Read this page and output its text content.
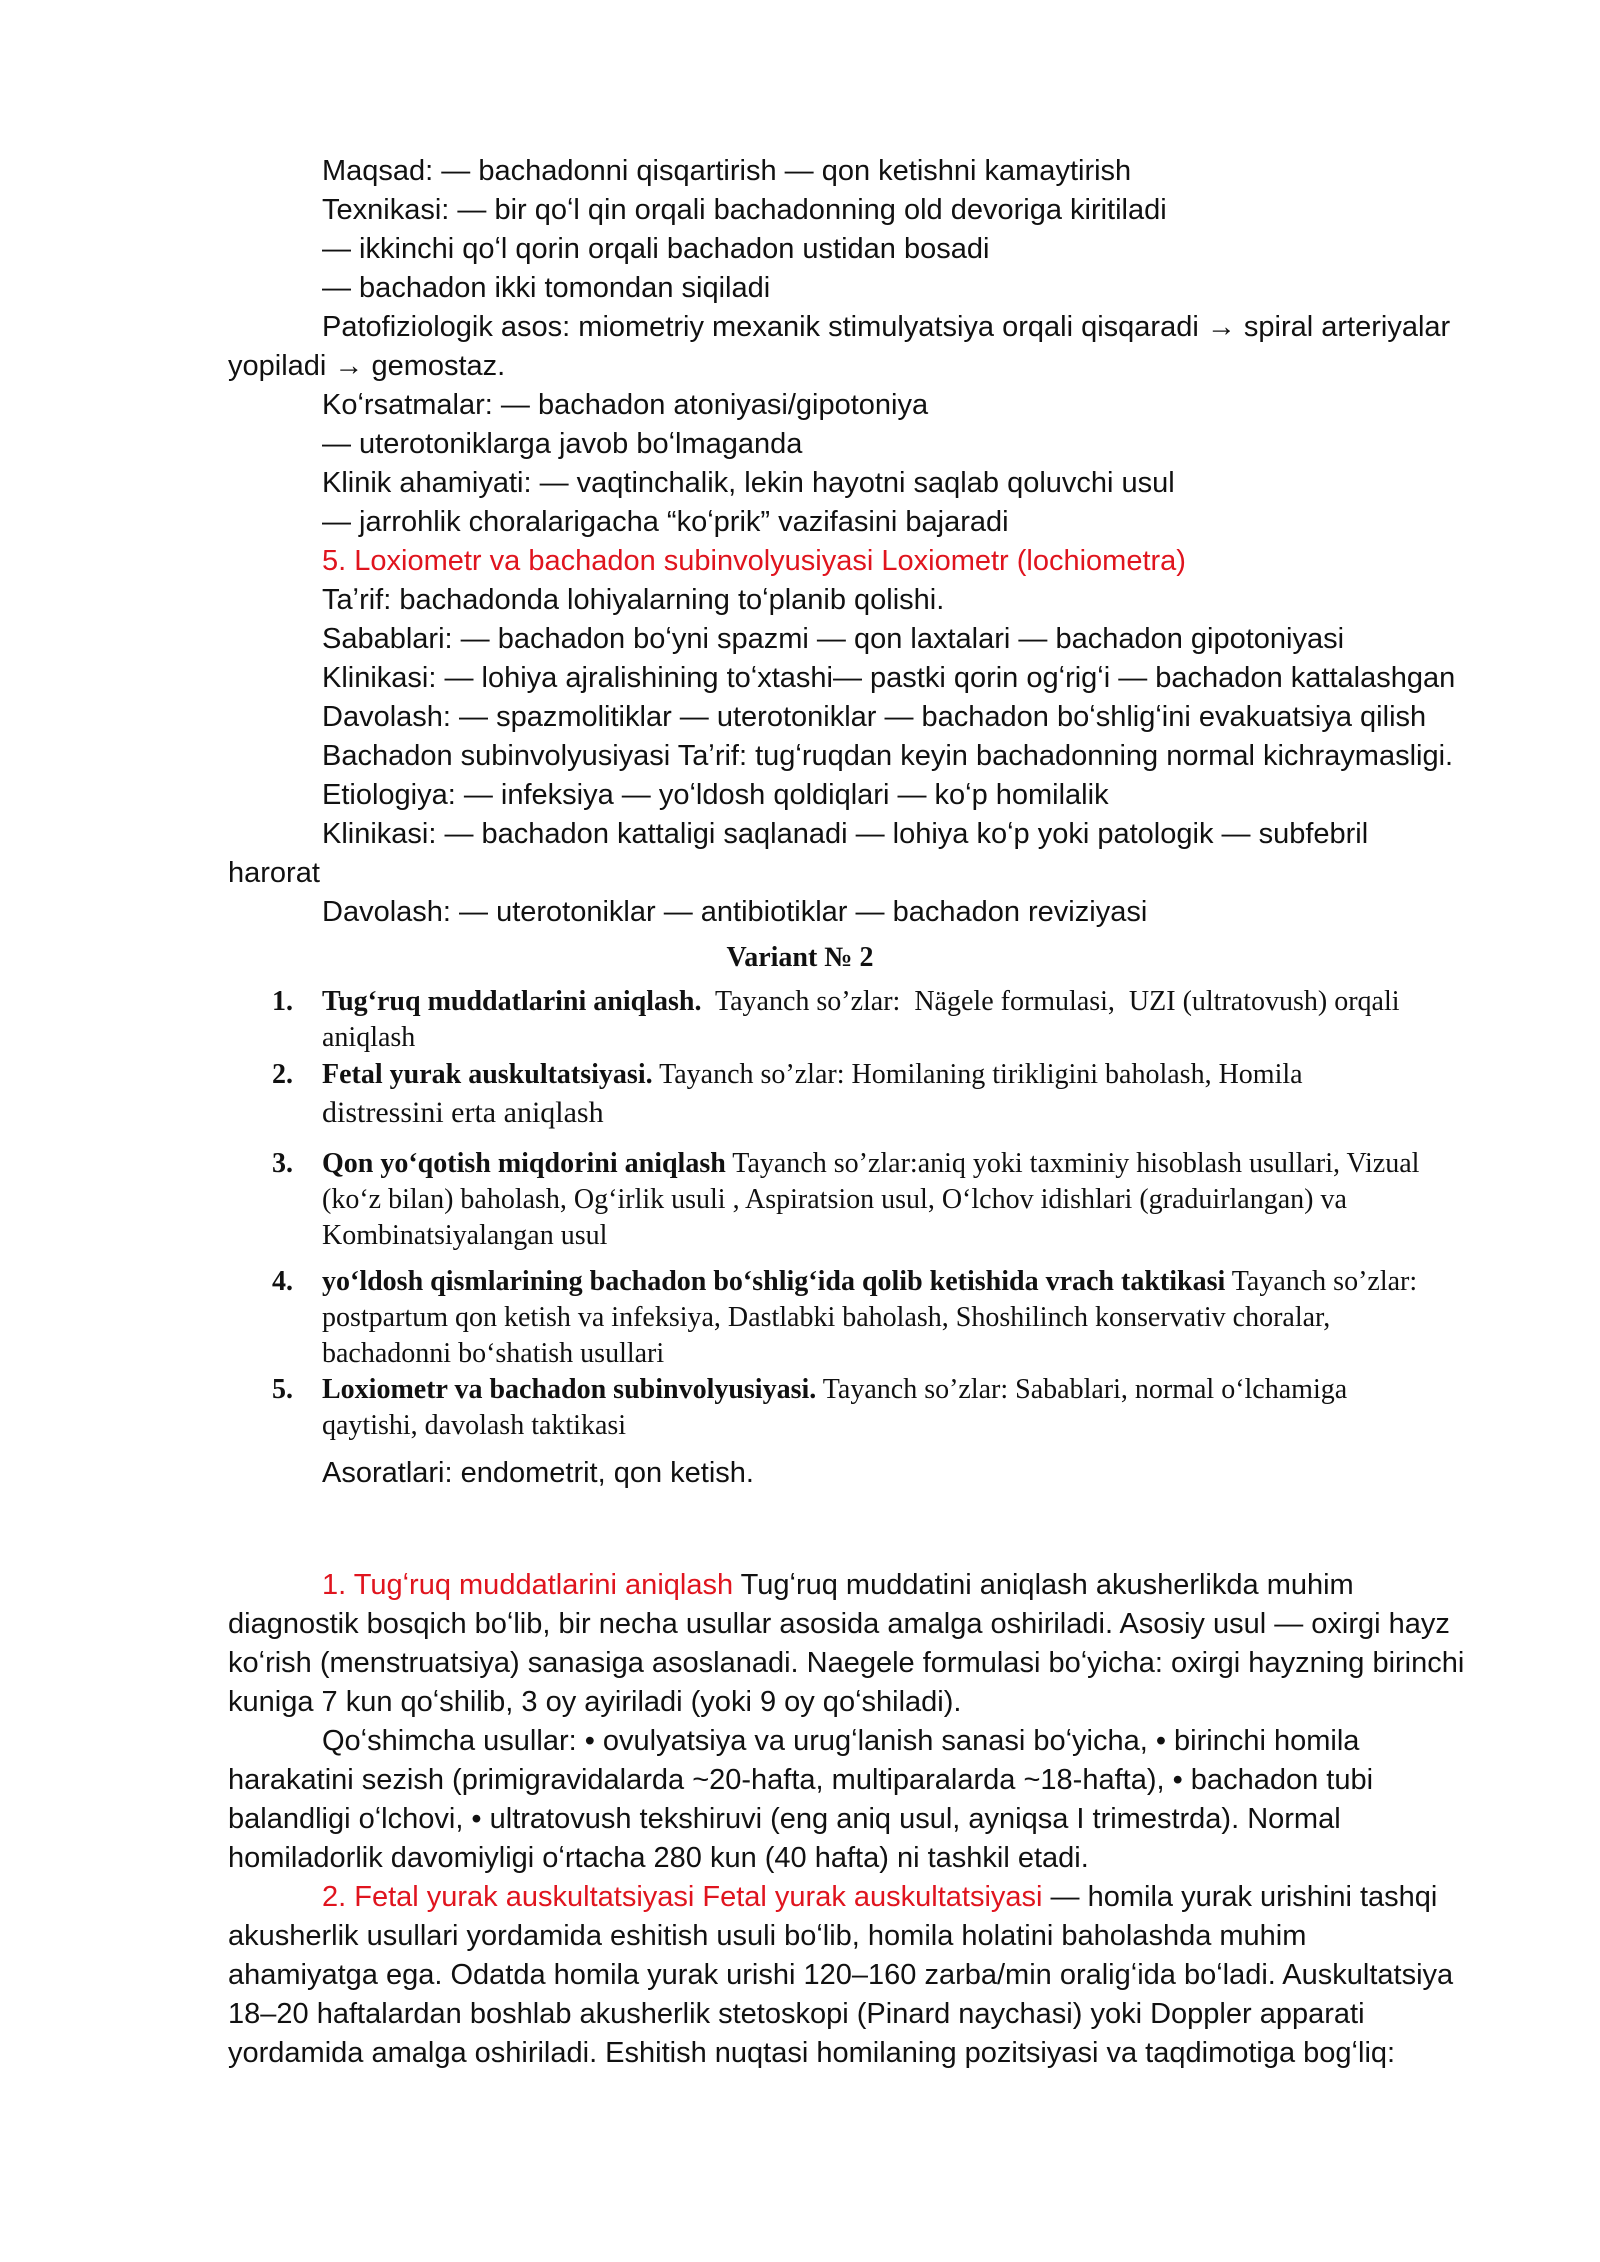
Maqsad: — bachadonni qisqartirish — qon ketishni kamaytirish
Texnikasi: — bir qoʻl qin orqali bachadonning old devoriga kiritiladi
— ikkinchi qoʻl qorin orqali bachadon ustidan bosadi
— bachadon ikki tomondan siqiladi
Patofiziologik asos: miometriy mexanik stimulyatsiya orqali qisqaradi → spiral arteriyalar
yopiladi → gemostaz.
Koʻrsatmalar: — bachadon atoniyasi/gipotoniya
— uterotoniklarga javob boʻlmaganda
Klinik ahamiyati: — vaqtinchalik, lekin hayotni saqlab qoluvchi usul
— jarrohlik choralarigacha “koʻprik” vazifasini bajaradi
5. Loxiometr va bachadon subinvolyusiyasi Loxiometr (lochiometra)
Taʼrif: bachadonda lohiyalarning toʻplanib qolishi.
Sabablari: — bachadon boʻyni spazmi — qon laxtalari — bachadon gipotoniyasi
Klinikasi: — lohiya ajralishining toʻxtashi— pastki qorin ogʻrigʻi — bachadon kattalashgan
Davolash: — spazmolitiklar — uterotoniklar — bachadon boʻshligʻini evakuatsiya qilish
Bachadon subinvolyusiyasi Taʼrif: tugʻruqdan keyin bachadonning normal kichraymasligi.
Etiologiya: — infeksiya — yoʻldosh qoldiqlari — koʻp homilalik
Klinikasi: — bachadon kattaligi saqlanadi — lohiya koʻp yoki patologik — subfebril
harorat
Davolash: — uterotoniklar — antibiotiklar — bachadon reviziyasi
Variant № 2
1. Tug‘ruq muddatlarini aniqlash.  Tayanch so’zlar:  Nägele formulasi,  UZI (ultratovush) orqali
aniqlash
2. Fetal yurak auskultatsiyasi. Tayanch so’zlar: Homilaning tirikligini baholash, Homila
distressini erta aniqlash
3. Qon yo‘qotish miqdorini aniqlash Tayanch so’zlar:aniq yoki taxminiy hisoblash usullari, Vizual
(ko‘z bilan) baholash, Og‘irlik usuli , Aspiratsion usul, O‘lchov idishlari (graduirlangan) va
Kombinatsiyalangan usul
4. yo‘ldosh qismlarining bachadon bo‘shlig‘ida qolib ketishida vrach taktikasi Tayanch so’zlar:
postpartum qon ketish va infeksiya, Dastlabki baholash, Shoshilinch konservativ choralar,
bachadonni bo‘shatish usullari
5. Loxiometr va bachadon subinvolyusiyasi. Tayanch so’zlar: Sabablari, normal o‘lchamiga
qaytishi, davolash taktikasi
Asoratlari: endometrit, qon ketish.
1. Tugʻruq muddatlarini aniqlash Tugʻruq muddatini aniqlash akusherlikda muhim
diagnostik bosqich boʻlib, bir necha usullar asosida amalga oshiriladi. Asosiy usul — oxirgi hayz
koʻrish (menstruatsiya) sanasiga asoslanadi. Naegele formulasi boʻyicha: oxirgi hayzning birinchi
kuniga 7 kun qoʻshilib, 3 oy ayiriladi (yoki 9 oy qoʻshiladi).
Qoʻshimcha usullar: • ovulyatsiya va urugʻlanish sanasi boʻyicha, • birinchi homila
harakatini sezish (primigravidalarda ~20-hafta, multiparalarda ~18-hafta), • bachadon tubi
balandligi oʻlchovi, • ultratovush tekshiruvi (eng aniq usul, ayniqsa I trimestrda). Normal
homiladorlik davomiyligi oʻrtacha 280 kun (40 hafta) ni tashkil etadi.
2. Fetal yurak auskultatsiyasi Fetal yurak auskultatsiyasi — homila yurak urishini tashqi
akusherlik usullari yordamida eshitish usuli boʻlib, homila holatini baholashda muhim
ahamiyatga ega. Odatda homila yurak urishi 120–160 zarba/min oraligʻida boʻladi. Auskultatsiya
18–20 haftalardan boshlab akusherlik stetoskopi (Pinard naychasi) yoki Doppler apparati
yordamida amalga oshiriladi. Eshitish nuqtasi homilaning pozitsiyasi va taqdimotiga bogʻliq:
